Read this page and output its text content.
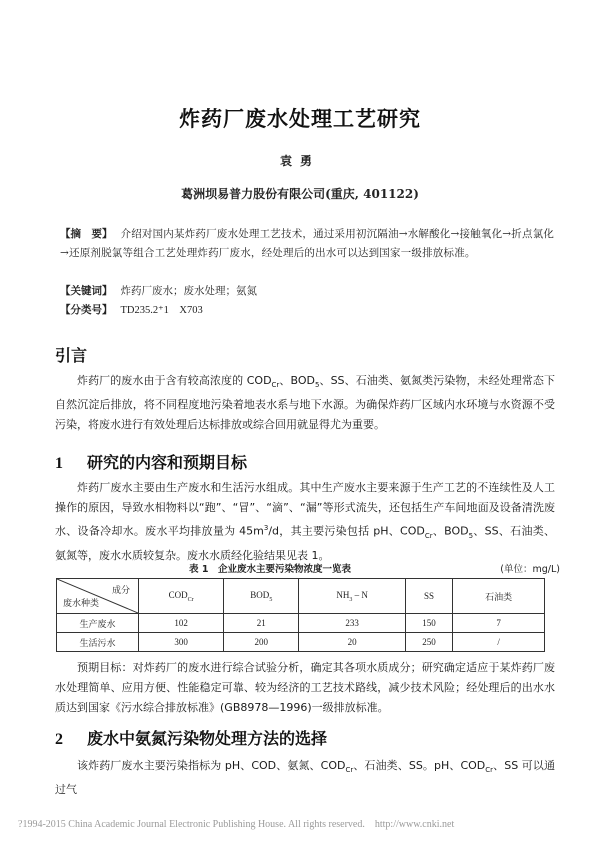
炸药厂废水处理工艺研究
袁勇
葛洲坝易普力股份有限公司(重庆, 401122)
【摘　要】 介绍对国内某炸药厂废水处理工艺技术，通过采用初沉隔油→水解酸化→接触氧化→折点氯化→还原剂脱氯等组合工艺处理炸药厂废水，经处理后的出水可以达到国家一级排放标准。
【关键词】 炸药厂废水；废水处理；氨氮
【分类号】 TD235.2⁺1　X703
引言
炸药厂的废水由于含有较高浓度的 $COD_{Cr}$、$BOD_5$、SS、石油类、氨氮类污染物，未经处理常态下自然沉淀后排放，将不同程度地污染着地表水系与地下水源。为确保炸药厂区域内水环境与水资源不受污染，将废水进行有效处理后达标排放或综合回用就显得尤为重要。
1 研究的内容和预期目标
炸药厂废水主要由生产废水和生活污水组成。其中生产废水主要来源于生产工艺的不连续性及人工操作的原因，导致水相物料以“跑”、“冒”、“滴”、“漏”等形式流失，还包括生产车间地面及设备清洗废水、设备冷却水。废水平均排放量为 $45m^3/d$，其主要污染包括 pH、$COD_{Cr}$、$BOD_5$、SS、石油类、氨氮等，废水水质较复杂。废水水质经化验结果见表 1。
表 1　企业废水主要污染物浓度一览表	(单位：mg/L)
成分
废水种类	$COD_{Cr}$	$BOD_5$	$NH_3$ – N	SS	石油类
生产废水	102	21	233	150	7
生活污水	300	200	20	250	/
预期目标：对炸药厂的废水进行综合试验分析，确定其各项水质成分；研究确定适应于某炸药厂废水处理简单、应用方便、性能稳定可靠、较为经济的工艺技术路线，减少技术风险；经处理后的出水水质达到国家《污水综合排放标准》(GB8978—1996)一级排放标准。
2 废水中氨氮污染物处理方法的选择
该炸药厂废水主要污染指标为 pH、COD、氨氮、$COD_{Cr}$、石油类、SS。pH、$COD_{Cr}$、SS 可以通过气
?1994-2015 China Academic Journal Electronic Publishing House. All rights reserved.    http://www.cnki.net
